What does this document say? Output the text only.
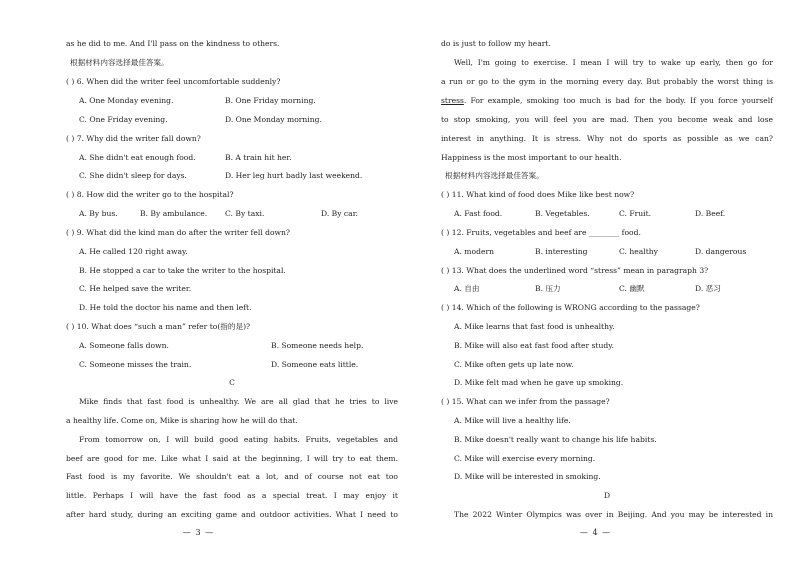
as he did to me. And I'll pass on the kindness to others.
根据材料内容选择最佳答案。
( ) 6. When did the writer feel uncomfortable suddenly?
A. One Monday evening.	B. One Friday morning.
C. One Friday evening.	D. One Monday morning.
( ) 7. Why did the writer fall down?
A. She didn't eat enough food.	B. A train hit her.
C. She didn't sleep for days.	D. Her leg hurt badly last weekend.
( ) 8. How did the writer go to the hospital?
A. By bus.	B. By ambulance. C. By taxi.	D. By car.
( ) 9. What did the kind man do after the writer fell down?
A. He called 120 right away.
B. He stopped a car to take the writer to the hospital.
C. He helped save the writer.
D. He told the doctor his name and then left.
( ) 10. What does “such a man” refer to(指的是)?
A. Someone falls down.	B. Someone needs help.
C. Someone misses the train.	D. Someone eats little.
C
Mike finds that fast food is unhealthy. We are all glad that he tries to live
a healthy life. Come on, Mike is sharing how he will do that.
From tomorrow on, I will build good eating habits. Fruits, vegetables and
beef are good for me. Like what I said at the beginning, I will try to eat them.
Fast food is my favorite. We shouldn't eat a lot, and of course not eat too
little. Perhaps I will have the fast food as a special treat. I may enjoy it
after hard study, during an exciting game and outdoor activities. What I need to
— 3 —
do is just to follow my heart.
Well, I'm going to exercise. I mean I will try to wake up early, then go for
a run or go to the gym in the morning every day. But probably the worst thing is
stress . For example, smoking too much is bad for the body. If you force yourself
to stop smoking, you will feel you are mad. Then you become weak and lose
interest in anything. It is stress. Why not do sports as possible as we can?
Happiness is the most important to our health.
根据材料内容选择最佳答案。
( ) 11. What kind of food does Mike like best now?
A. Fast food.	B. Vegetables.	C. Fruit.	D. Beef.
( ) 12. Fruits, vegetables and beef are ________ food.
A. modern	B. interesting	C. healthy	D. dangerous
( ) 13. What does the underlined word “stress” mean in paragraph 3?
A. 自由	B. 压力	C. 幽默	D. 恶习
( ) 14. Which of the following is WRONG according to the passage?
A. Mike learns that fast food is unhealthy.
B. Mike will also eat fast food after study.
C. Mike often gets up late now.
D. Mike felt mad when he gave up smoking.
( ) 15. What can we infer from the passage?
A. Mike will live a healthy life.
B. Mike doesn't really want to change his life habits.
C. Mike will exercise every morning.
D. Mike will be interested in smoking.
D
The 2022 Winter Olympics was over in Beijing. And you may be interested in
— 4 —
